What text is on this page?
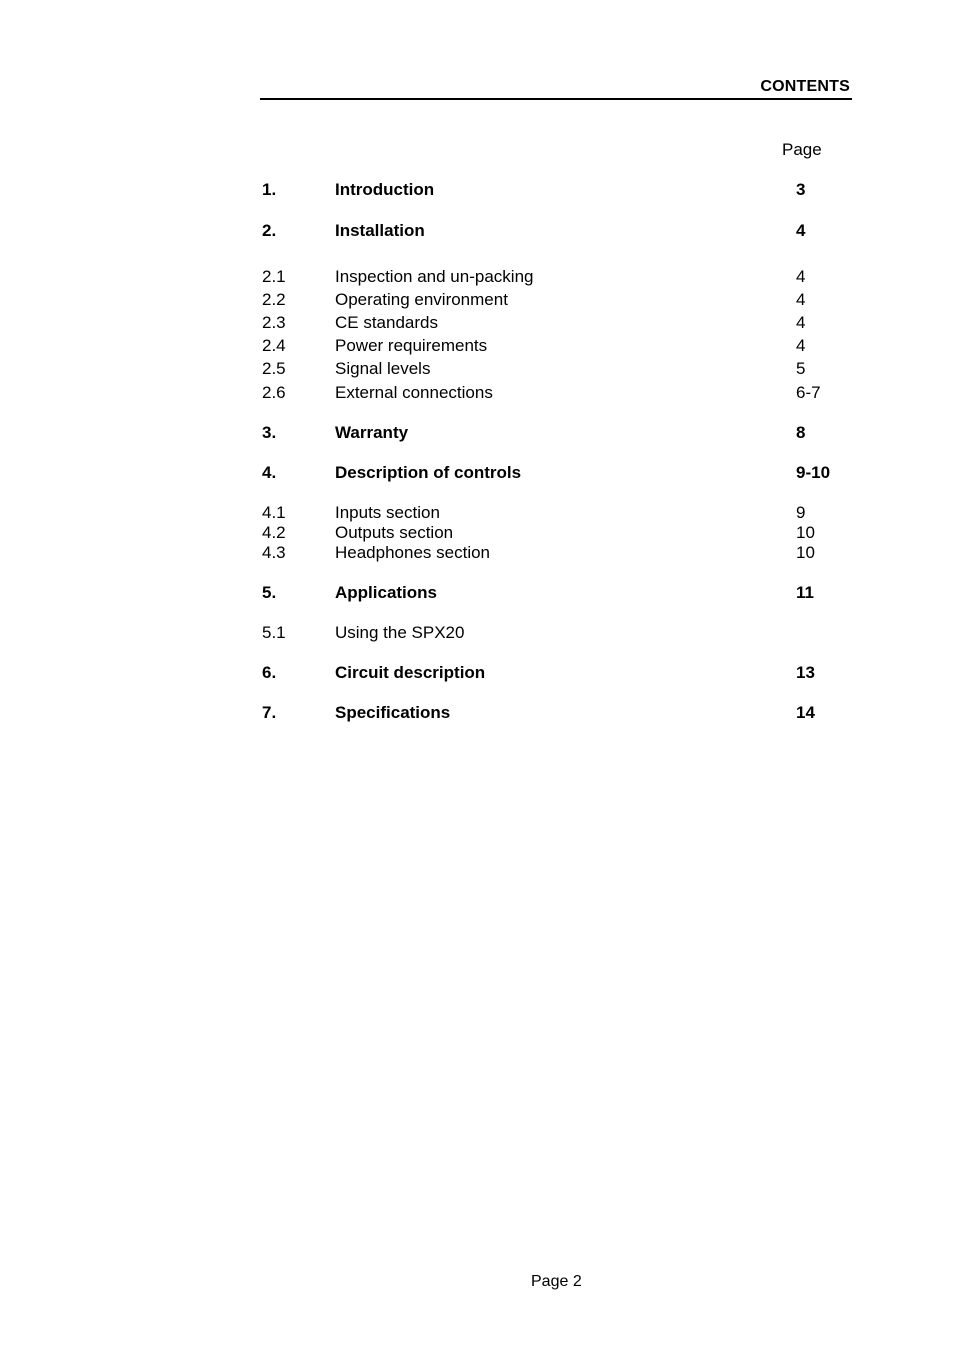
CONTENTS
Page
1.	Introduction	3
2.	Installation	4
2.1	Inspection and un-packing	4
2.2	Operating environment	4
2.3	CE standards	4
2.4	Power requirements	4
2.5	Signal levels	5
2.6	External connections	6-7
3.	Warranty	8
4.	Description of controls	9-10
4.1	Inputs section	9
4.2	Outputs section	10
4.3	Headphones section	10
5.	Applications	11
5.1	Using the SPX20
6.	Circuit description	13
7.	Specifications	14
Page 2
